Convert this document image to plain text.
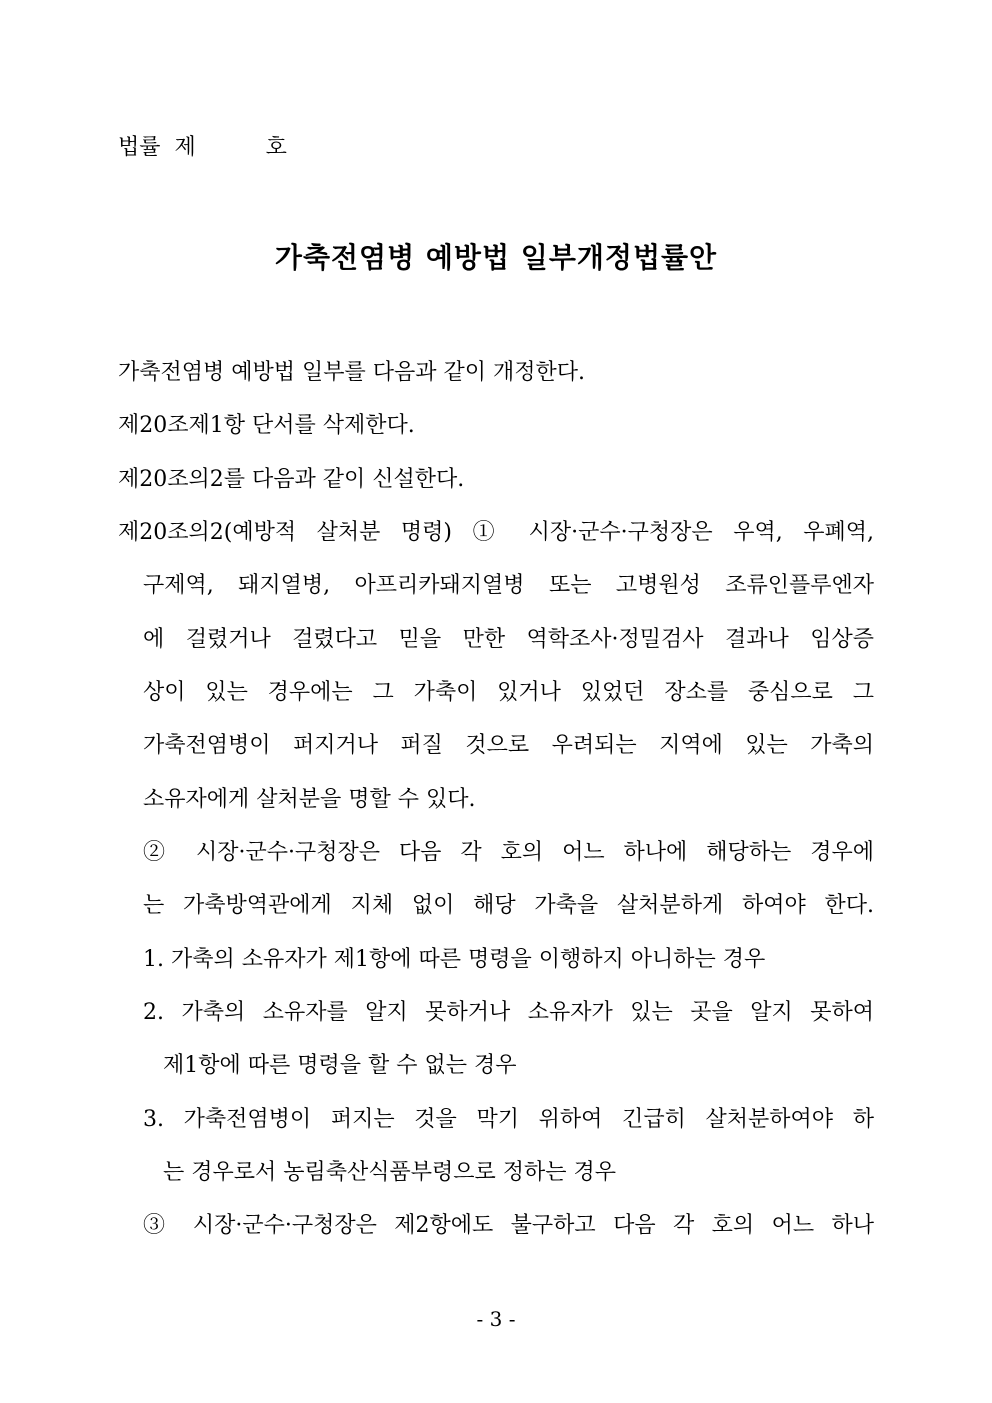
법률  제          호
가축전염병 예방법 일부개정법률안
가축전염병 예방법 일부를 다음과 같이 개정한다.
제20조제1항 단서를 삭제한다.
제20조의2를 다음과 같이 신설한다.
제20조의2(예방적 살처분 명령) ① 시장·군수·구청장은 우역, 우폐역,
구제역, 돼지열병, 아프리카돼지열병 또는 고병원성 조류인플루엔자
에 걸렸거나 걸렸다고 믿을 만한 역학조사·정밀검사 결과나 임상증
상이 있는 경우에는 그 가축이 있거나 있었던 장소를 중심으로 그
가축전염병이 퍼지거나 퍼질 것으로 우려되는 지역에 있는 가축의
소유자에게 살처분을 명할 수 있다.
② 시장·군수·구청장은 다음 각 호의 어느 하나에 해당하는 경우에
는 가축방역관에게 지체 없이 해당 가축을 살처분하게 하여야 한다.
1. 가축의 소유자가 제1항에 따른 명령을 이행하지 아니하는 경우
2. 가축의 소유자를 알지 못하거나 소유자가 있는 곳을 알지 못하여
제1항에 따른 명령을 할 수 없는 경우
3. 가축전염병이 퍼지는 것을 막기 위하여 긴급히 살처분하여야 하
는 경우로서 농림축산식품부령으로 정하는 경우
③ 시장·군수·구청장은 제2항에도 불구하고 다음 각 호의 어느 하나
- 3 -
